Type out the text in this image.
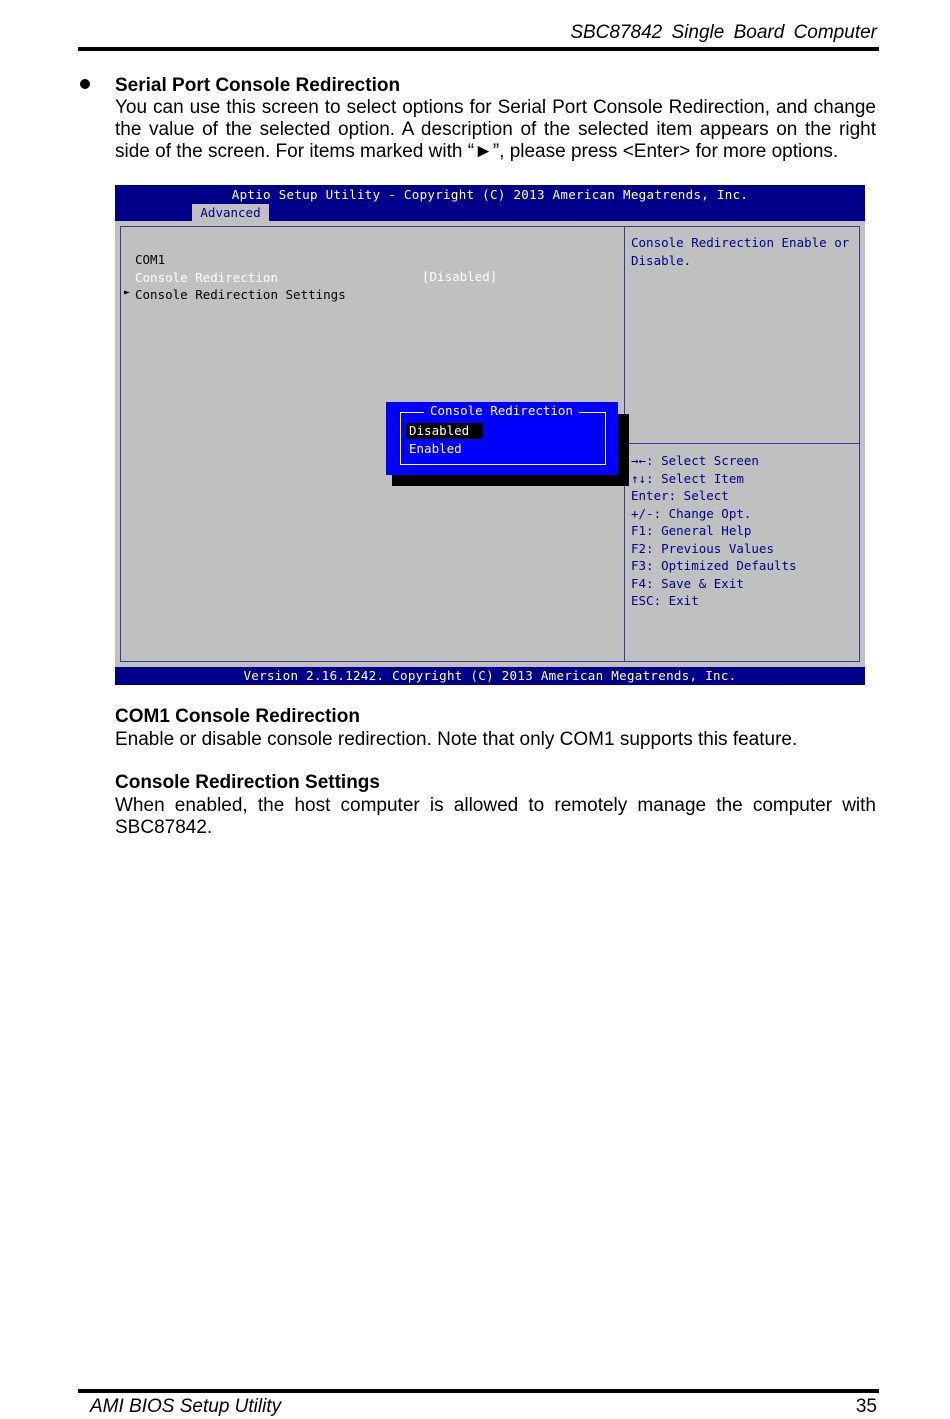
SBC87842 Single Board Computer
Serial Port Console Redirection
You can use this screen to select options for Serial Port Console Redirection, and change the value of the selected option. A description of the selected item appears on the right side of the screen. For items marked with “►”, please press <Enter> for more options.
Aptio Setup Utility - Copyright (C) 2013 American Megatrends, Inc.
Advanced
COM1
Console Redirection	[Disabled]
► Console Redirection Settings
Console Redirection Enable or Disable.
→←: Select Screen
↑↓: Select Item
Enter: Select
+/-: Change Opt.
F1: General Help
F2: Previous Values
F3: Optimized Defaults
F4: Save & Exit
ESC: Exit
Console Redirection
Disabled
Enabled
Version 2.16.1242. Copyright (C) 2013 American Megatrends, Inc.
COM1 Console Redirection
Enable or disable console redirection. Note that only COM1 supports this feature.
Console Redirection Settings
When enabled, the host computer is allowed to remotely manage the computer with SBC87842.
AMI BIOS Setup Utility	35
